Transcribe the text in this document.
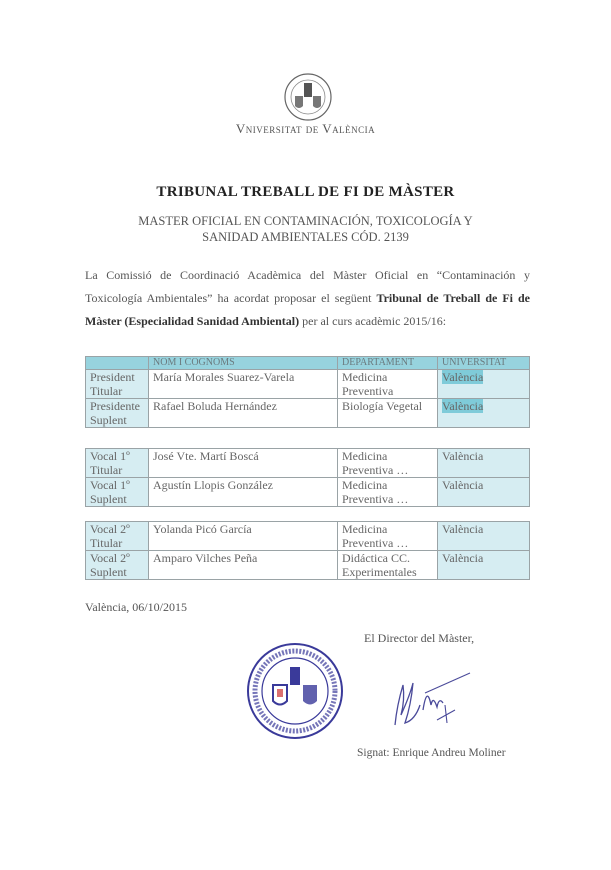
Vniversitat de València
TRIBUNAL TREBALL DE FI DE MÀSTER
MASTER OFICIAL EN CONTAMINACIÓN, TOXICOLOGÍA Y SANIDAD AMBIENTALES CÓD. 2139
La Comissió de Coordinació Acadèmica del Màster Oficial en “Contaminación y Toxicología Ambientales” ha acordat proposar el següent Tribunal de Treball de Fi de Màster (Especialidad Sanidad Ambiental) per al curs acadèmic 2015/16:
	NOM I COGNOMS	DEPARTAMENT	UNIVERSITAT
President Titular	María Morales Suarez-Varela	Medicina Preventiva	València
Presidente Suplent	Rafael Boluda Hernández	Biología Vegetal	València
Vocal 1º Titular	José Vte. Martí Boscá	Medicina Preventiva …	València
Vocal 1º Suplent	Agustín Llopis González	Medicina Preventiva …	València
Vocal 2º Titular	Yolanda Picó García	Medicina Preventiva …	València
Vocal 2º Suplent	Amparo Vilches Peña	Didáctica CC. Experimentales	València
València, 06/10/2015
El Director del Màster,
Signat: Enrique Andreu Moliner
